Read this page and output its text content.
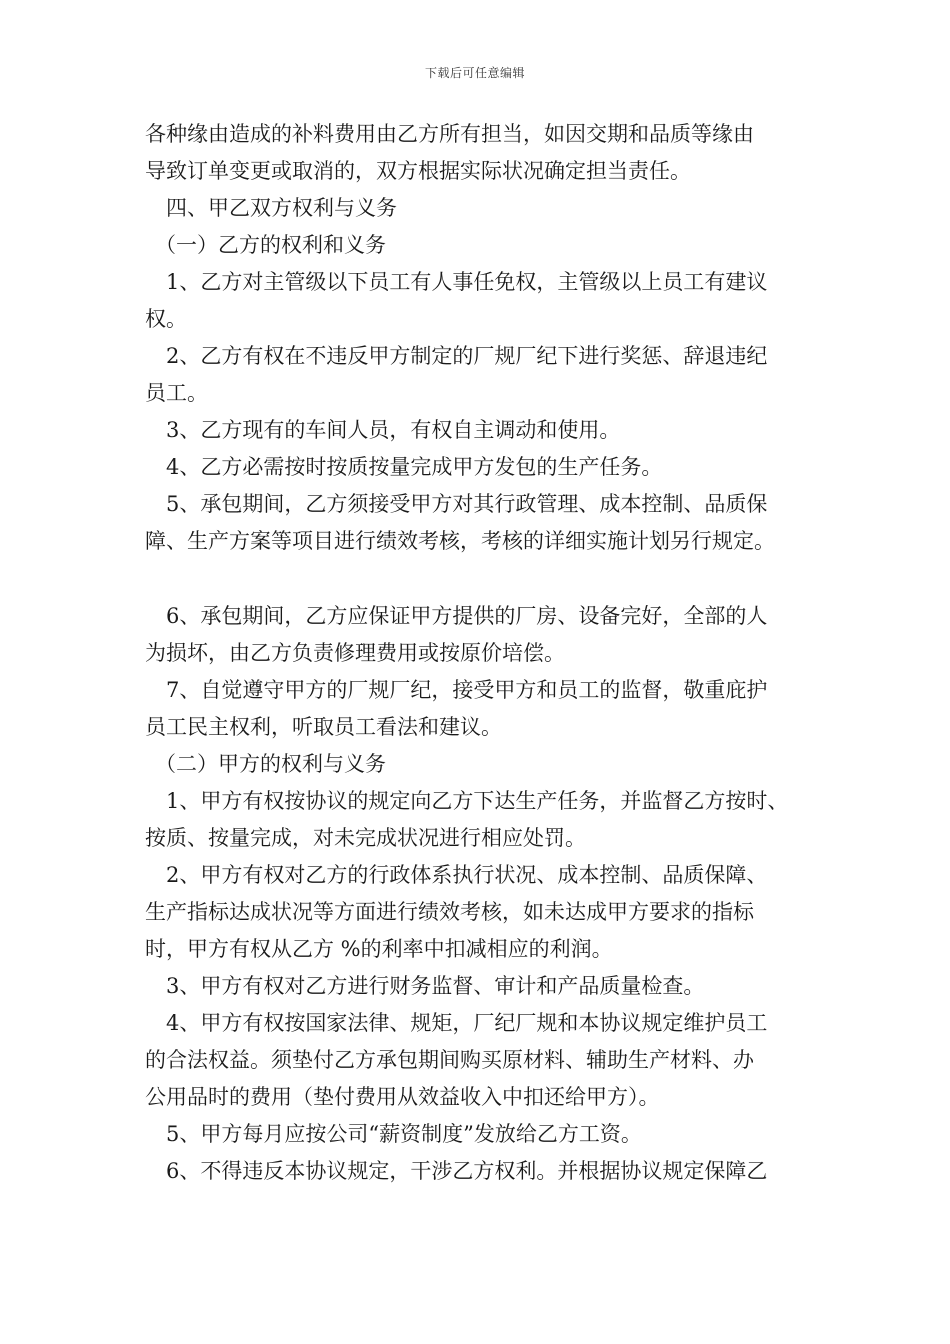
下载后可任意编辑
各种缘由造成的补料费用由乙方所有担当，如因交期和品质等缘由
导致订单变更或取消的，双方根据实际状况确定担当责任。
四、甲乙双方权利与义务
（一）乙方的权利和义务
1、乙方对主管级以下员工有人事任免权，主管级以上员工有建议
权。
2、乙方有权在不违反甲方制定的厂规厂纪下进行奖惩、辞退违纪
员工。
3、乙方现有的车间人员，有权自主调动和使用。
4、乙方必需按时按质按量完成甲方发包的生产任务。
5、承包期间，乙方须接受甲方对其行政管理、成本控制、品质保
障、生产方案等项目进行绩效考核，考核的详细实施计划另行规定。
6、承包期间，乙方应保证甲方提供的厂房、设备完好，全部的人
为损坏，由乙方负责修理费用或按原价培偿。
7、自觉遵守甲方的厂规厂纪，接受甲方和员工的监督，敬重庇护
员工民主权利，听取员工看法和建议。
（二）甲方的权利与义务
1、甲方有权按协议的规定向乙方下达生产任务，并监督乙方按时、
按质、按量完成，对未完成状况进行相应处罚。
2、甲方有权对乙方的行政体系执行状况、成本控制、品质保障、
生产指标达成状况等方面进行绩效考核，如未达成甲方要求的指标
时，甲方有权从乙方 %的利率中扣减相应的利润。
3、甲方有权对乙方进行财务监督、审计和产品质量检查。
4、甲方有权按国家法律、规矩，厂纪厂规和本协议规定维护员工
的合法权益。须垫付乙方承包期间购买原材料、辅助生产材料、办
公用品时的费用（垫付费用从效益收入中扣还给甲方）。
5、甲方每月应按公司“薪资制度”发放给乙方工资。
6、不得违反本协议规定，干涉乙方权利。并根据协议规定保障乙
